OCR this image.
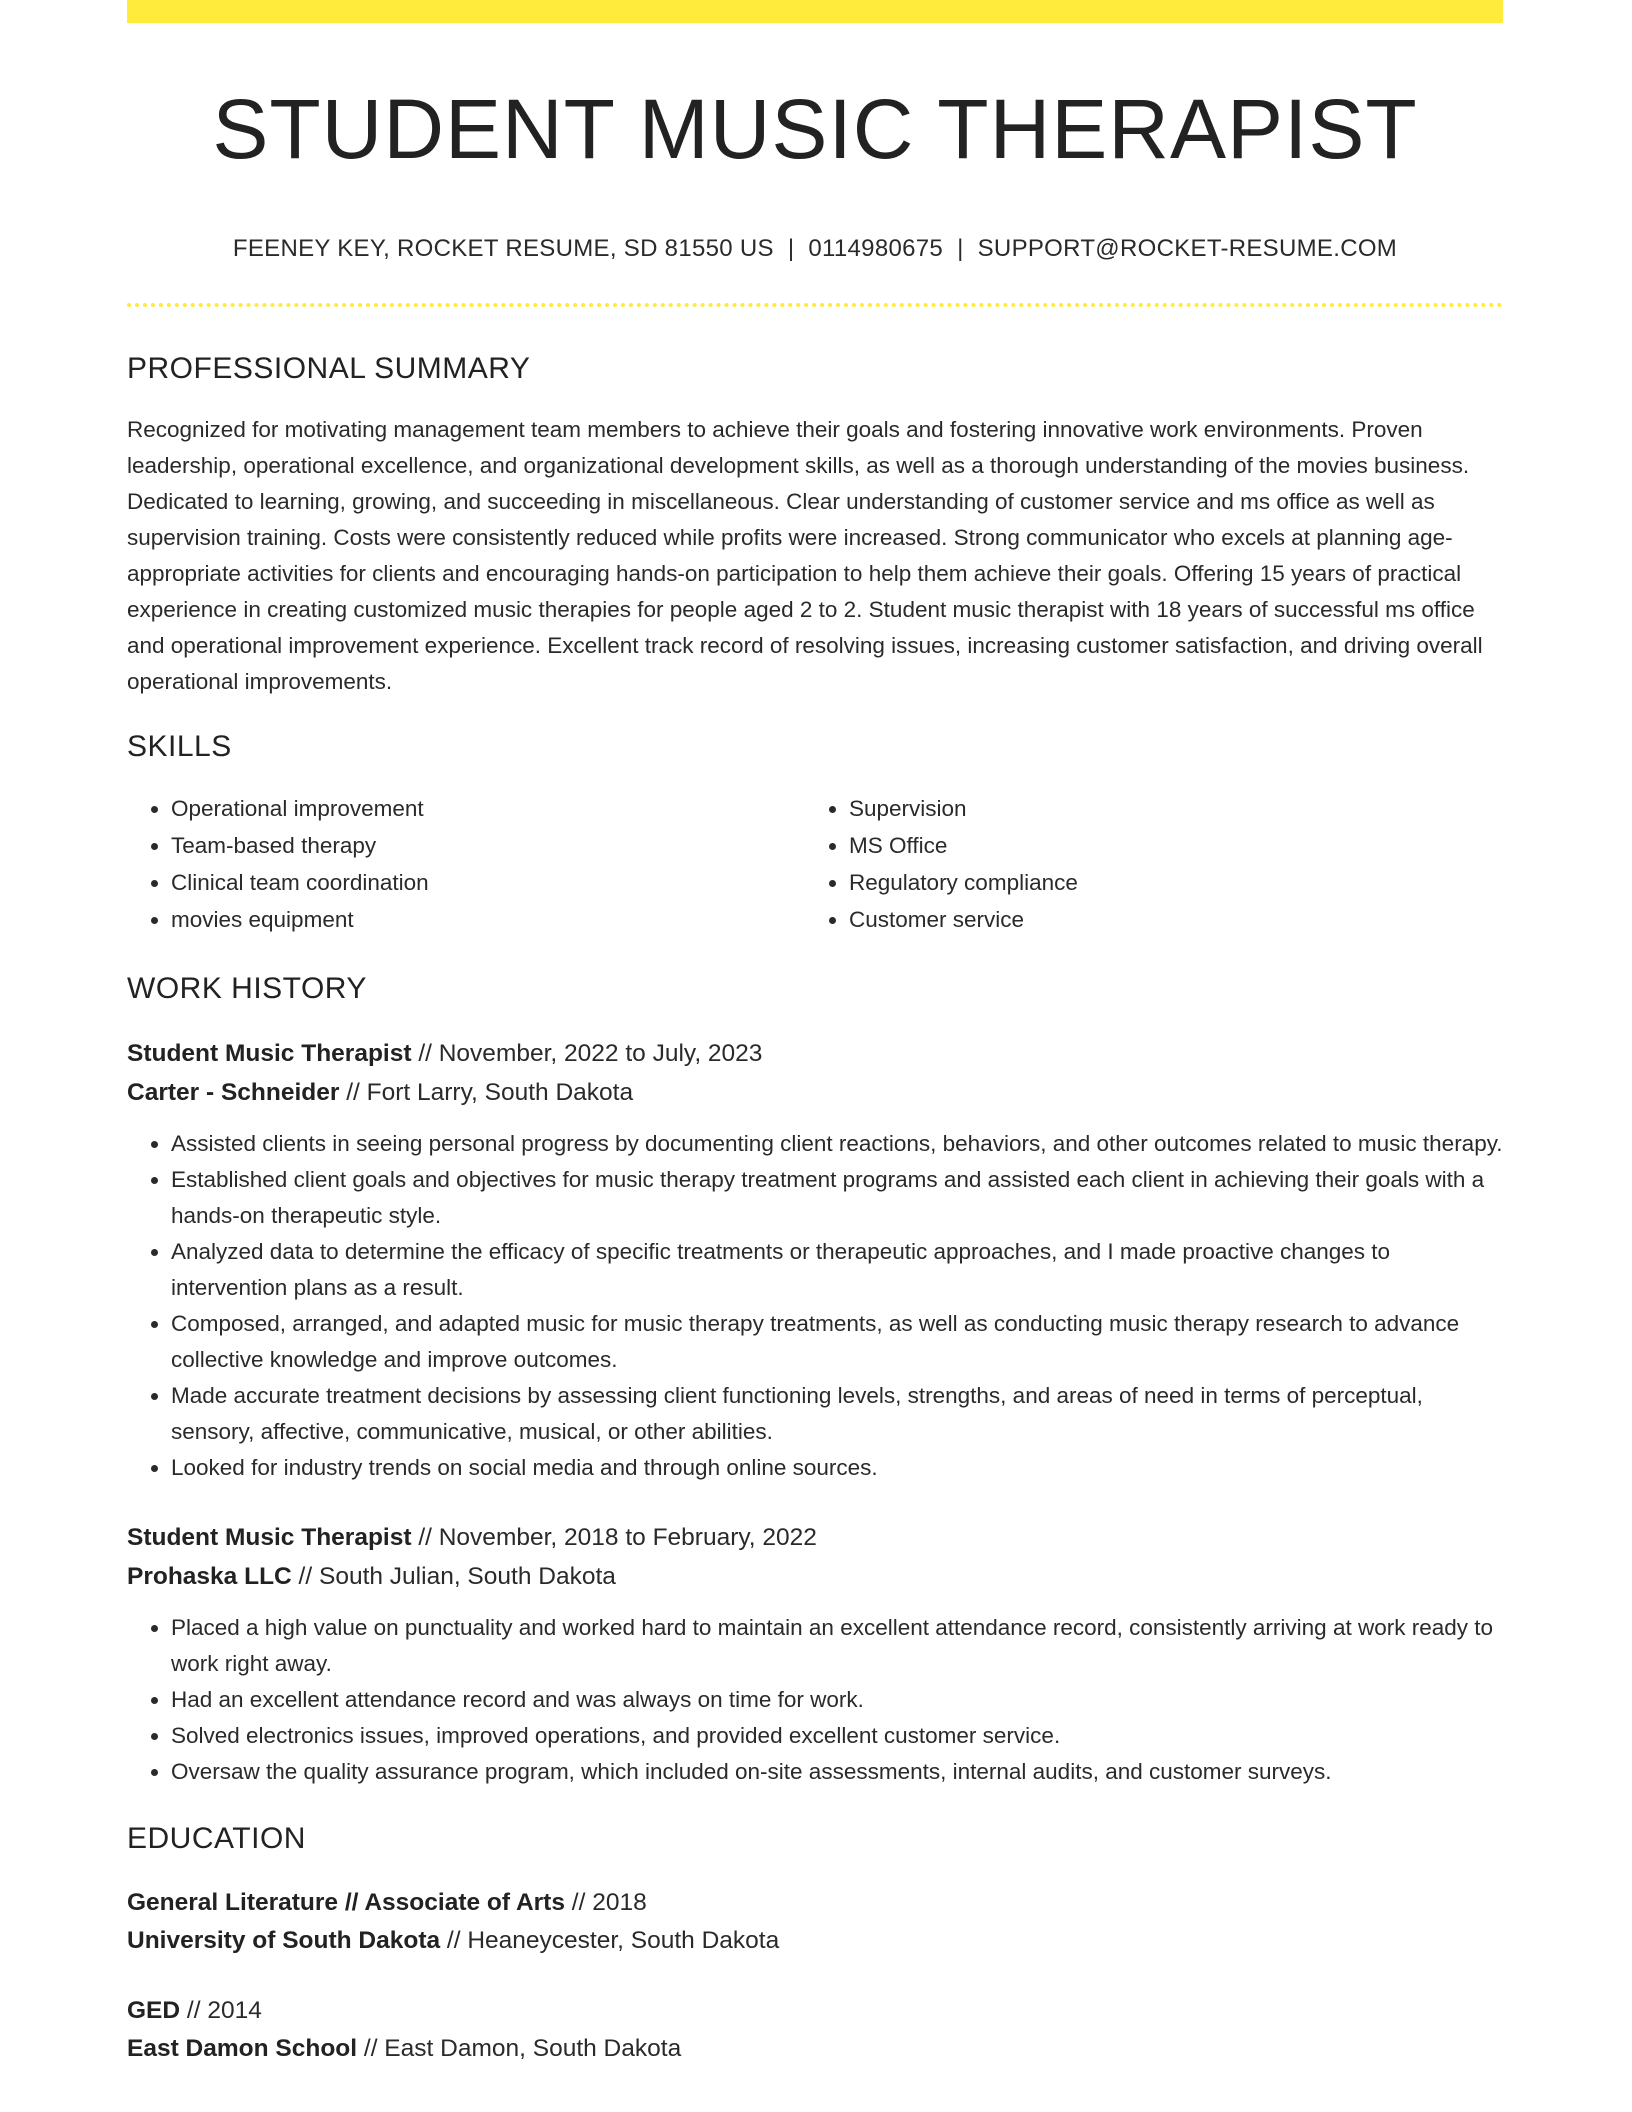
STUDENT MUSIC THERAPIST
FEENEY KEY, ROCKET RESUME, SD 81550 US | 0114980675 | SUPPORT@ROCKET-RESUME.COM
PROFESSIONAL SUMMARY

Recognized for motivating management team members to achieve their goals and fostering innovative work environments. Proven leadership, operational excellence, and organizational development skills, as well as a thorough understanding of the movies business. Dedicated to learning, growing, and succeeding in miscellaneous. Clear understanding of customer service and ms office as well as supervision training. Costs were consistently reduced while profits were increased. Strong communicator who excels at planning age-appropriate activities for clients and encouraging hands-on participation to help them achieve their goals. Offering 15 years of practical experience in creating customized music therapies for people aged 2 to 2. Student music therapist with 18 years of successful ms office and operational improvement experience. Excellent track record of resolving issues, increasing customer satisfaction, and driving overall operational improvements.

SKILLS
• Operational improvement
• Team-based therapy
• Clinical team coordination
• movies equipment
• Supervision
• MS Office
• Regulatory compliance
• Customer service
WORK HISTORY
Student Music Therapist // November, 2022 to July, 2023
Carter - Schneider // Fort Larry, South Dakota
• Assisted clients in seeing personal progress by documenting client reactions, behaviors, and other outcomes related to music therapy.
• Established client goals and objectives for music therapy treatment programs and assisted each client in achieving their goals with a hands-on therapeutic style.
• Analyzed data to determine the efficacy of specific treatments or therapeutic approaches, and I made proactive changes to intervention plans as a result.
• Composed, arranged, and adapted music for music therapy treatments, as well as conducting music therapy research to advance collective knowledge and improve outcomes.
• Made accurate treatment decisions by assessing client functioning levels, strengths, and areas of need in terms of perceptual, sensory, affective, communicative, musical, or other abilities.
• Looked for industry trends on social media and through online sources.
Student Music Therapist // November, 2018 to February, 2022
Prohaska LLC // South Julian, South Dakota
• Placed a high value on punctuality and worked hard to maintain an excellent attendance record, consistently arriving at work ready to work right away.
• Had an excellent attendance record and was always on time for work.
• Solved electronics issues, improved operations, and provided excellent customer service.
• Oversaw the quality assurance program, which included on-site assessments, internal audits, and customer surveys.
EDUCATION
General Literature // Associate of Arts // 2018
University of South Dakota // Heaneycester, South Dakota
GED // 2014
East Damon School // East Damon, South Dakota
